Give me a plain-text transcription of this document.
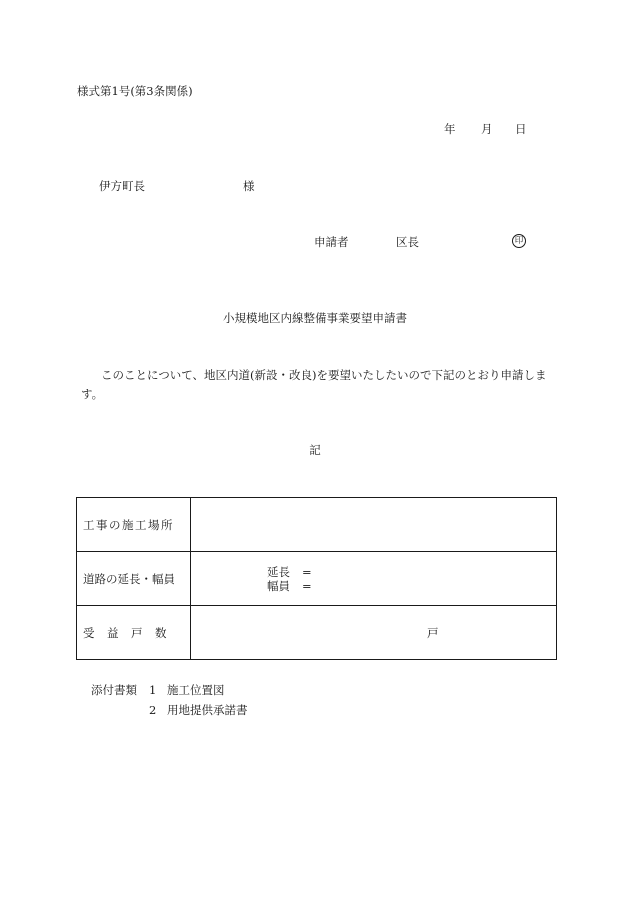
様式第1号(第3条関係)
年 月 日
伊方町長	様
申請者	区長	印
小規模地区内線整備事業要望申請書
このことについて、地区内道(新設・改良)を要望いたしたいので下記のとおり申請します。
記
工事の施工場所	
道路の延長・幅員	延長 =
幅員 =

受 益 戸 数	戸
添付書類 1 施工位置図
2 用地提供承諾書
